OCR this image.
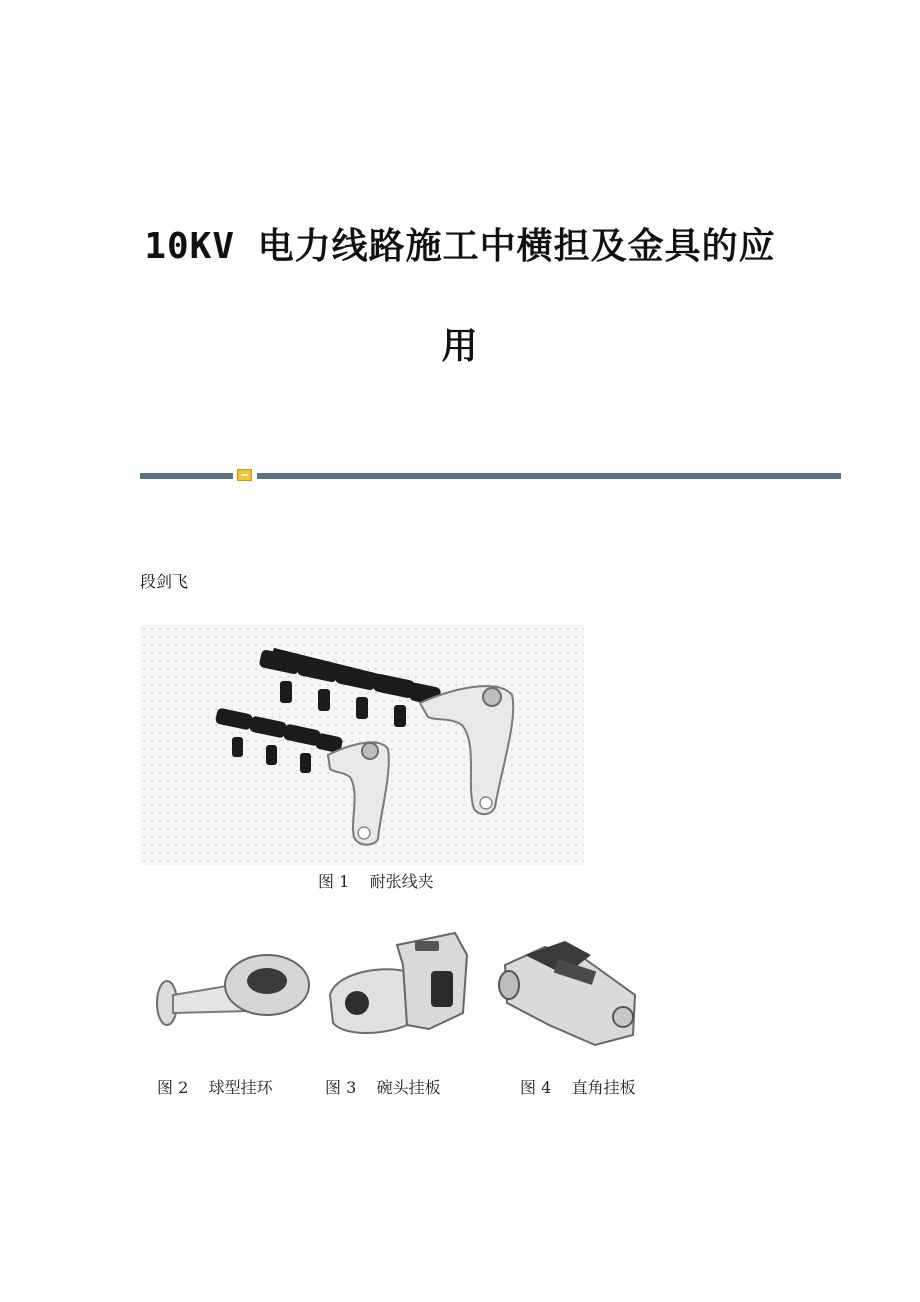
10KV 电力线路施工中横担及金具的应
用

段剑飞

图 1    耐张线夹

图 2    球型挂环	图 3    碗头挂板	图 4    直角挂板
